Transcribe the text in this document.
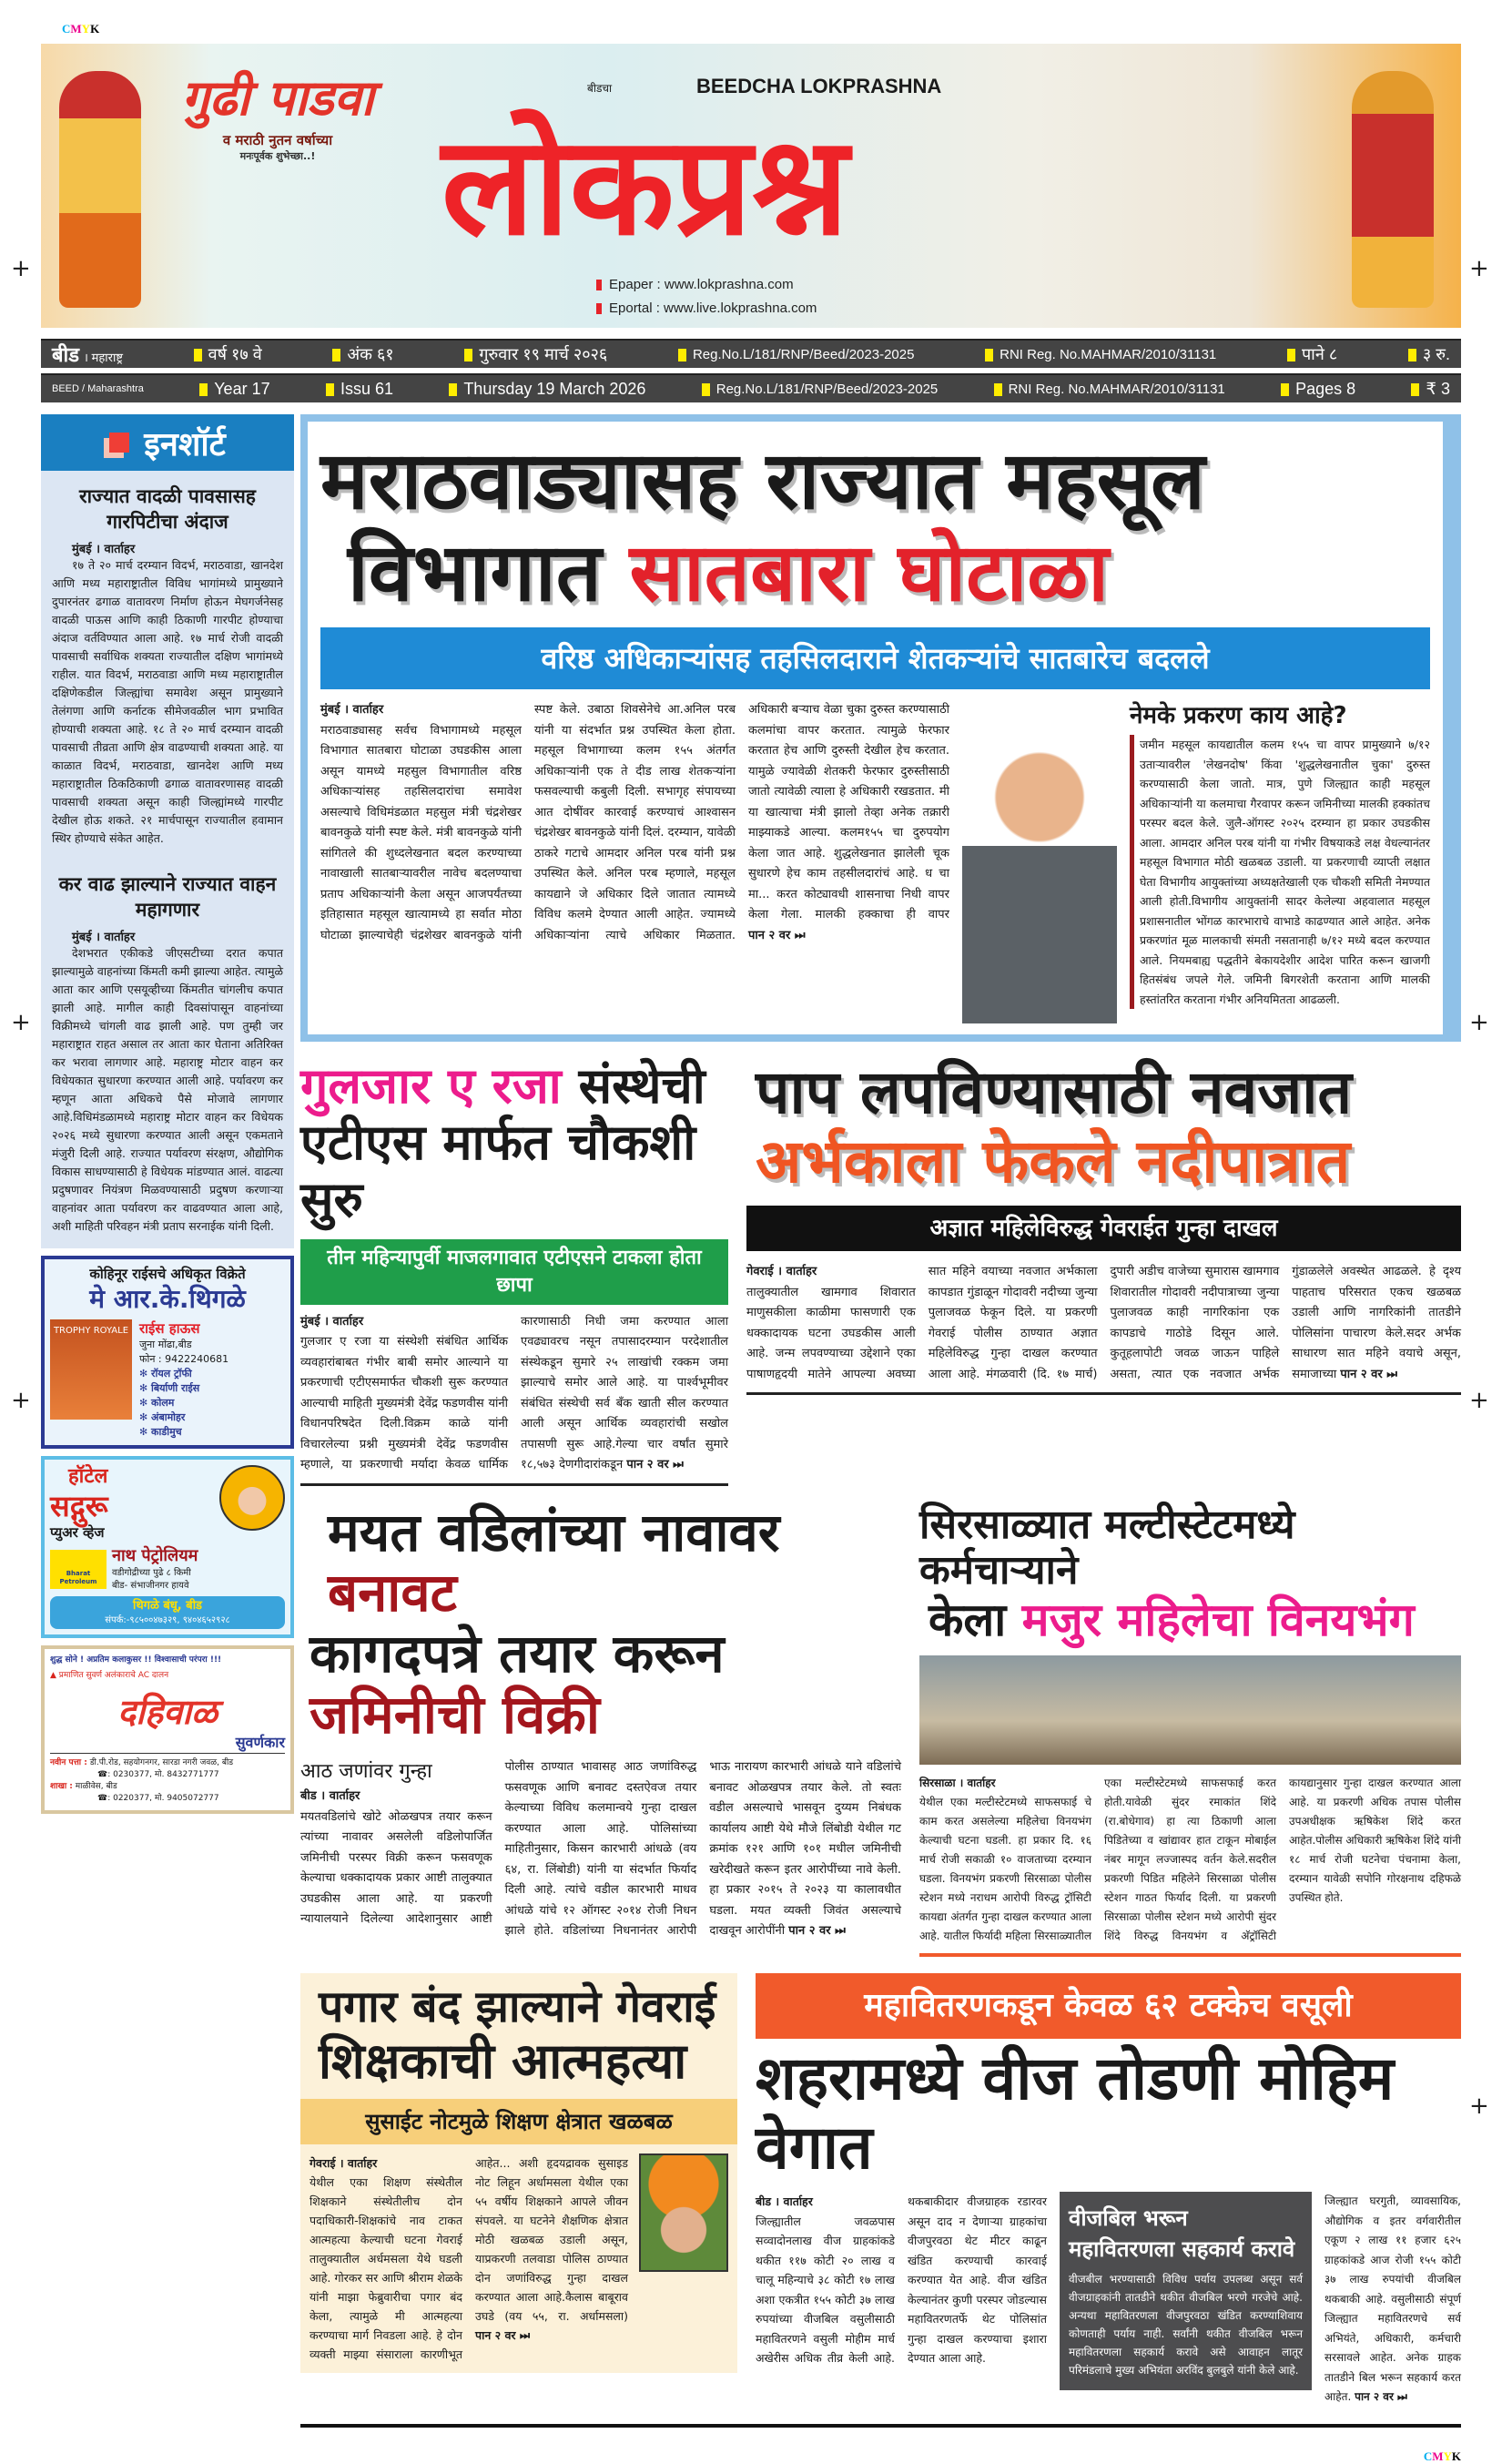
CMYK
+	+
+	+
+	+
+
गुढी पाडवा
व मराठी नुतन वर्षाच्या
मनःपूर्वक शुभेच्छा..!
बीडचा	BEEDCHA LOKPRASHNA
लोकप्रश्न
Epaper : www.lokprashna.com
Eportal : www.live.lokprashna.com
बीड । महाराष्ट्र	वर्ष १७ वे	अंक ६१	गुरुवार १९ मार्च २०२६	Reg.No.L/181/RNP/Beed/2023-2025	RNI Reg. No.MAHMAR/2010/31131	पाने ८	३ रु.
BEED / Maharashtra	Year 17	Issu 61	Thursday 19 March 2026	Reg.No.L/181/RNP/Beed/2023-2025	RNI Reg. No.MAHMAR/2010/31131	Pages 8	₹ 3
इनशॉर्ट
राज्यात वादळी पावसासह गारपिटीचा अंदाज
मुंबई । वार्ताहर

१७ ते २० मार्च दरम्यान विदर्भ, मराठवाडा, खानदेश आणि मध्य महाराष्ट्रातील विविध भागांमध्ये प्रामुख्याने दुपारनंतर ढगाळ वातावरण निर्माण होऊन मेघगर्जनेसह वादळी पाऊस आणि काही ठिकाणी गारपीट होण्याचा अंदाज वर्तविण्यात आला आहे. १७ मार्च रोजी वादळी पावसाची सर्वाधिक शक्यता राज्यातील दक्षिण भागांमध्ये राहील. यात विदर्भ, मराठवाडा आणि मध्य महाराष्ट्रातील दक्षिणेकडील जिल्ह्यांचा समावेश असून प्रामुख्याने तेलंगणा आणि कर्नाटक सीमेजवळील भाग प्रभावित होण्याची शक्यता आहे. १८ ते २० मार्च दरम्यान वादळी पावसाची तीव्रता आणि क्षेत्र वाढण्याची शक्यता आहे. या काळात विदर्भ, मराठवाडा, खानदेश आणि मध्य महाराष्ट्रातील ठिकठिकाणी ढगाळ वातावरणासह वादळी पावसाची शक्यता असून काही जिल्ह्यांमध्ये गारपीट देखील होऊ शकते. २१ मार्चपासून राज्यातील हवामान स्थिर होण्याचे संकेत आहेत.

कर वाढ झाल्याने राज्यात वाहन महागणार
मुंबई । वार्ताहर

देशभरात एकीकडे जीएसटीच्या दरात कपात झाल्यामुळे वाहनांच्या किंमती कमी झाल्या आहेत. त्यामुळे आता कार आणि एसयूव्हीच्या किंमतीत चांगलीच कपात झाली आहे. मागील काही दिवसांपासून वाहनांच्या विक्रीमध्ये चांगली वाढ झाली आहे. पण तुम्ही जर महाराष्ट्रात राहत असाल तर आता कार घेताना अतिरिक्त कर भरावा लागणार आहे. महाराष्ट्र मोटार वाहन कर विधेयकात सुधारणा करण्यात आली आहे. पर्यावरण कर म्हणून आता अधिकचे पैसे मोजावे लागणार आहे.विधिमंडळामध्ये महाराष्ट्र मोटार वाहन कर विधेयक २०२६ मध्ये सुधारणा करण्यात आली असून एकमताने मंजुरी दिली आहे. राज्यात पर्यावरण संरक्षण, औद्योगिक विकास साधण्यासाठी हे विधेयक मांडण्यात आलं. वाढत्या प्रदुषणावर नियंत्रण मिळवण्यासाठी प्रदुषण करणाऱ्या वाहनांवर आता पर्यावरण कर वाढवण्यात आला आहे, अशी माहिती परिवहन मंत्री प्रताप सरनाईक यांनी दिली.

कोहिनूर राईसचे अधिकृत विक्रेते
मे आर.के.थिगळे
TROPHY ROYALE राईस हाऊस
जुना मोंढा,बीड
फोन : 9422240681
✻ रॉयल ट्रॉफी
✻ बिर्याणी राईस
✻ कोलम
✻ अंबामोहर
✻ काडीमुच
हॉटेल
सद्गुरू
प्युअर व्हेज
Bharat Petroleum
नाथ पेट्रोलियम
वडीगोद्रीच्या पुढे ८ किमी
बीड- संभाजीनगर हायवे
थिगळे बंधू, बीड
संपर्क:-९८५००४७३२९, ९४०४६५२९२८
शुद्ध सोने ! अप्रतिम कलाकुसर !! विश्वासाची परंपरा !!!
▲ प्रमाणित सुवर्ण अलंकाराचे AC दालन
दहिवाळ
सुवर्णकार
नवीन पत्ता : डी.पी.रोड, सहयोगनगर, सारडा नगरी जवळ, बीड
☎: 0230377, मो. 8432771777
शाखा : माळीवेस, बीड
☎: 0220377, मो. 9405072777
मराठवाड्यासह राज्यात महसूल
विभागात सातबारा घोटाळा
वरिष्ठ अधिकाऱ्यांसह तहसिलदाराने शेतकऱ्यांचे सातबारेच बदलले
मुंबई । वार्ताहर
मराठवाड्यासह सर्वच विभागामध्ये महसूल विभागात सातबारा घोटाळा उघडकीस आला असून यामध्ये महसुल विभागातील वरिष्ठ अधिकाऱ्यांसह तहसिलदारांचा समावेश असल्याचे विधिमंडळात महसुल मंत्री चंद्रशेखर बावनकुळे यांनी स्पष्ट केले. मंत्री बावनकुळे यांनी सांगितले की शुध्दलेखनात बदल करण्याच्या नावाखाली सातबाऱ्यावरील नावेच बदलण्याचा प्रताप अधिकाऱ्यांनी केला असून आजपर्यंतच्या इतिहासात महसूल खात्यामध्ये हा सर्वात मोठा घोटाळा झाल्याचेही चंद्रशेखर बावनकुळे यांनी स्पष्ट केले. उबाठा शिवसेनेचे आ.अनिल परब यांनी या संदर्भात प्रश्न उपस्थित केला होता. महसूल विभागाच्या कलम १५५ अंतर्गत अधिकाऱ्यांनी एक ते दीड लाख शेतकऱ्यांना फसवल्याची कबुली दिली. सभागृह संपायच्या आत दोषींवर कारवाई करण्याचं आश्वासन चंद्रशेखर बावनकुळे यांनी दिलं. दरम्यान, यावेळी ठाकरे गटाचे आमदार अनिल परब यांनी प्रश्न उपस्थित केले. अनिल परब म्हणाले, महसूल कायद्याने जे अधिकार दिले जातात त्यामध्ये विविध कलमे देण्यात आली आहेत. ज्यामध्ये अधिकाऱ्यांना त्याचे अधिकार मिळतात. अधिकारी बऱ्याच वेळा चुका दुरुस्त करण्यासाठी कलमांचा वापर करतात. त्यामुळे फेरफार करतात हेच आणि दुरुस्ती देखील हेच करतात. यामुळे ज्यावेळी शेतकरी फेरफार दुरुस्तीसाठी जातो त्यावेळी त्याला हे अधिकारी रखडतात. मी या खात्याचा मंत्री झालो तेव्हा अनेक तक्रारी माझ्याकडे आल्या. कलम१५५ चा दुरुपयोग केला जात आहे. शुद्धलेखनात झालेली चूक सुधारणे हेच काम तहसीलदारांचं आहे. ध चा मा... करत कोट्यावधी शासनाचा निधी वापर केला गेला. मालकी हक्काचा ही वापर पान २ वर ⏭
नेमके प्रकरण काय आहे?

जमीन महसूल कायद्यातील कलम १५५ चा वापर प्रामुख्याने ७/१२ उताऱ्यावरील 'लेखनदोष' किंवा 'शुद्धलेखनातील चुका' दुरुस्त करण्यासाठी केला जातो. मात्र, पुणे जिल्ह्यात काही महसूल अधिकाऱ्यांनी या कलमाचा गैरवापर करून जमिनीच्या मालकी हक्कांतच परस्पर बदल केले. जुलै-ऑगस्ट २०२५ दरम्यान हा प्रकार उघडकीस आला. आमदार अनिल परब यांनी या गंभीर विषयाकडे लक्ष वेधल्यानंतर महसूल विभागात मोठी खळबळ उडाली. या प्रकरणाची व्याप्ती लक्षात घेता विभागीय आयुक्तांच्या अध्यक्षतेखाली एक चौकशी समिती नेमण्यात आली होती.विभागीय आयुक्तांनी सादर केलेल्या अहवालात महसूल प्रशासनातील भोंगळ कारभाराचे वाभाडे काढण्यात आले आहेत. अनेक प्रकरणांत मूळ मालकाची संमती नसतानाही ७/१२ मध्ये बदल करण्यात आले. नियमबाह्य पद्धतीने बेकायदेशीर आदेश पारित करून खाजगी हितसंबंध जपले गेले. जमिनी बिगरशेती करताना आणि मालकी हस्तांतरित करताना गंभीर अनियमितता आढळली.

गुलजार ए रजा संस्थेची
एटीएस मार्फत चौकशी सुरु
तीन महिन्यापुर्वी माजलगावात एटीएसने टाकला होता छापा
मुंबई । वार्ताहर
गुलजार ए रजा या संस्थेशी संबंधित आर्थिक व्यवहारांबाबत गंभीर बाबी समोर आल्याने या प्रकरणाची एटीएसमार्फत चौकशी सुरू करण्यात आल्याची माहिती मुख्यमंत्री देवेंद्र फडणवीस यांनी विधानपरिषदेत दिली.विक्रम काळे यांनी विचारलेल्या प्रश्नी मुख्यमंत्री देवेंद्र फडणवीस म्हणाले, या प्रकरणाची मर्यादा केवळ धार्मिक कारणासाठी निधी जमा करण्यात आला एवढ्यावरच नसून तपासादरम्यान परदेशातील संस्थेकडून सुमारे २५ लाखांची रक्कम जमा झाल्याचे समोर आले आहे. या पार्श्वभूमीवर संबंधित संस्थेची सर्व बँक खाती सील करण्यात आली असून आर्थिक व्यवहारांची सखोल तपासणी सुरू आहे.गेल्या चार वर्षांत सुमारे १८,५७३ देणगीदारांकडून पान २ वर ⏭
पाप लपविण्यासाठी नवजात
अर्भकाला फेकले नदीपात्रात
अज्ञात महिलेविरुद्ध गेवराईत गुन्हा दाखल
गेवराई । वार्ताहर
तालुक्यातील खामगाव शिवारात माणुसकीला काळीमा फासणारी एक धक्कादायक घटना उघडकीस आली आहे. जन्म लपवण्याच्या उद्देशाने एका पाषाणहृदयी मातेने आपल्या अवघ्या सात महिने वयाच्या नवजात अर्भकाला कापडात गुंडाळून गोदावरी नदीच्या जुन्या पुलाजवळ फेकून दिले. या प्रकरणी गेवराई पोलीस ठाण्यात अज्ञात महिलेविरुद्ध गुन्हा दाखल करण्यात आला आहे. मंगळवारी (दि. १७ मार्च) दुपारी अडीच वाजेच्या सुमारास खामगाव शिवारातील गोदावरी नदीपात्राच्या जुन्या पुलाजवळ काही नागरिकांना एक कापडाचे गाठोडे दिसून आले. कुतूहलापोटी जवळ जाऊन पाहिले असता, त्यात एक नवजात अर्भक गुंडाळलेले अवस्थेत आढळले. हे दृश्य पाहताच परिसरात एकच खळबळ उडाली आणि नागरिकांनी तातडीने पोलिसांना पाचारण केले.सदर अर्भक साधारण सात महिने वयाचे असून, समाजाच्या पान २ वर ⏭
मयत वडिलांच्या नावावर बनावट
कागदपत्रे तयार करून जमिनीची विक्री
आठ जणांवर गुन्हा
बीड । वार्ताहर
मयतवडिलांचे खोटे ओळखपत्र तयार करून त्यांच्या नावावर असलेली वडिलोपार्जित जमिनीची परस्पर विक्री करून फसवणूक केल्याचा धक्कादायक प्रकार आष्टी तालुक्यात उघडकीस आला आहे. या प्रकरणी न्यायालयाने दिलेल्या आदेशानुसार आष्टी पोलीस ठाण्यात भावासह आठ जणांविरुद्ध फसवणूक आणि बनावट दस्तऐवज तयार केल्याच्या विविध कलमान्वये गुन्हा दाखल करण्यात आला आहे. पोलिसांच्या माहितीनुसार, किसन कारभारी आंधळे (वय ६४, रा. लिंबोडी) यांनी या संदर्भात फिर्याद दिली आहे. त्यांचे वडील कारभारी माधव आंधळे यांचे १२ ऑगस्ट २०१४ रोजी निधन झाले होते. वडिलांच्या निधनानंतर आरोपी भाऊ नारायण कारभारी आंधळे याने वडिलांचे बनावट ओळखपत्र तयार केले. तो स्वतः वडील असल्याचे भासवून दुय्यम निबंधक कार्यालय आष्टी येथे मौजे लिंबोडी येथील गट क्रमांक १२१ आणि १०१ मधील जमिनीची खरेदीखते करून इतर आरोपींच्या नावे केली. हा प्रकार २०१५ ते २०२३ या कालावधीत घडला. मयत व्यक्ती जिवंत असल्याचे दाखवून आरोपींनी पान २ वर ⏭
सिरसाळ्यात मल्टीस्टेटमध्ये कर्मचाऱ्याने
केला मजुर महिलेचा विनयभंग
सिरसाळा । वार्ताहर
येथील एका मल्टीस्टेटमध्ये साफसफाई चे काम करत असलेल्या महिलेचा विनयभंग केल्याची घटना घडली. हा प्रकार दि. १६ मार्च रोजी सकाळी १० वाजताच्या दरम्यान घडला. विनयभंग प्रकरणी सिरसाळा पोलीस स्टेशन मध्ये नराधम आरोपी विरुद्ध ट्रॉसिटी कायद्या अंतर्गत गुन्हा दाखल करण्यात आला आहे. यातील फिर्यादी महिला सिरसाळ्यातील एका मल्टीस्टेटमध्ये साफसफाई करत होती.यावेळी सुंदर रमाकांत शिंदे (रा.बोधेगाव) हा त्या ठिकाणी आला पिडितेच्या व खांद्यावर हात टाकून मोबाईल नंबर मागून लज्जास्पद वर्तन केले.सदरील प्रकरणी पिडित महिलेने सिरसाळा पोलीस स्टेशन गाठत फिर्याद दिली. या प्रकरणी सिरसाळा पोलीस स्टेशन मध्ये आरोपी सुंदर शिंदे विरुद्ध विनयभंग व अ‍ॅट्रॉसिटी कायद्यानुसार गुन्हा दाखल करण्यात आला आहे. या प्रकरणी अधिक तपास पोलीस उपअधीक्षक ऋषिकेश शिंदे करत आहेत.पोलीस अधिकारी ऋषिकेश शिंदे यांनी १८ मार्च रोजी घटनेचा पंचनामा केला, दरम्यान यावेळी सपोनि गोरक्षनाथ दहिफळे उपस्थित होते.
पगार बंद झाल्याने गेवराई
शिक्षकाची आत्महत्या
सुसाईट नोटमुळे शिक्षण क्षेत्रात खळबळ
गेवराई । वार्ताहर
येथील एका शिक्षण संस्थेतील शिक्षकाने संस्थेतीलीच दोन पदाधिकारी-शिक्षकांचे नाव टाकत आत्महत्या केल्याची घटना गेवराई तालुक्यातील अर्धमसला येथे घडली आहे. गोरकर सर आणि श्रीराम शेळके यांनी माझा फेब्रुवारीचा पगार बंद केला, त्यामुळे मी आत्महत्या करण्याचा मार्ग निवडला आहे. हे दोन व्यक्ती माझ्या संसाराला कारणीभूत आहेत... अशी हृदयद्रावक सुसाइड नोट लिहून अर्धामसला येथील एका ५५ वर्षीय शिक्षकाने आपले जीवन संपवले. या घटनेने शैक्षणिक क्षेत्रात मोठी खळबळ उडाली असून, याप्रकरणी तलवाडा पोलिस ठाण्यात दोन जणांविरुद्ध गुन्हा दाखल करण्यात आला आहे.कैलास बाबूराव उघडे (वय ५५, रा. अर्धामसला) पान २ वर ⏭
महावितरणकडून केवळ ६२ टक्केच वसूली
शहरामध्ये वीज तोडणी मोहिम वेगात
बीड । वार्ताहर
जिल्ह्यातील जवळपास सव्वादोनलाख वीज ग्राहकांकडे थकीत ११७ कोटी २० लाख व चालू महिन्याचे ३८ कोटी १७ लाख अशा एकत्रीत १५५ कोटी ३७ लाख रुपयांच्या वीजबिल वसुलीसाठी महावितरणने वसुली मोहीम मार्च अखेरीस अधिक तीव्र केली आहे. थकबाकीदार वीजग्राहक रडारवर असून दाद न देणाऱ्या ग्राहकांचा वीजपुरवठा थेट मीटर काढून खंडित करण्याची कारवाई करण्यात येत आहे. वीज खंडित केल्यानंतर कुणी परस्पर जोडल्यास महावितरणतर्फे थेट पोलिसांत गुन्हा दाखल करण्याचा इशारा देण्यात आला आहे.
वीजबिल भरून
महावितरणला सहकार्य करावे

वीजबील भरण्यासाठी विविध पर्याय उपलब्ध असून सर्व वीजग्राहकांनी तातडीने थकीत वीजबिल भरणे गरजेचे आहे. अन्यथा महावितरणला वीजपुरवठा खंडित करण्याशिवाय कोणताही पर्याय नाही. सर्वांनी थकीत वीजबिल भरून महावितरणला सहकार्य करावे असे आवाहन लातूर परिमंडलाचे मुख्य अभियंता अरविंद बुलबुले यांनी केले आहे.

जिल्ह्यात घरगुती, व्यावसायिक, औद्योगिक व इतर वर्गवारीतील एकूण २ लाख ११ हजार ६२५ ग्राहकांकडे आज रोजी १५५ कोटी ३७ लाख रुपयांची वीजबिल थकबाकी आहे. वसुलीसाठी संपूर्ण जिल्ह्यात महावितरणचे सर्व अभियंते, अधिकारी, कर्मचारी सरसावले आहेत. अनेक ग्राहक तातडीने बिल भरून सहकार्य करत आहेत. पान २ वर ⏭
CMYK
